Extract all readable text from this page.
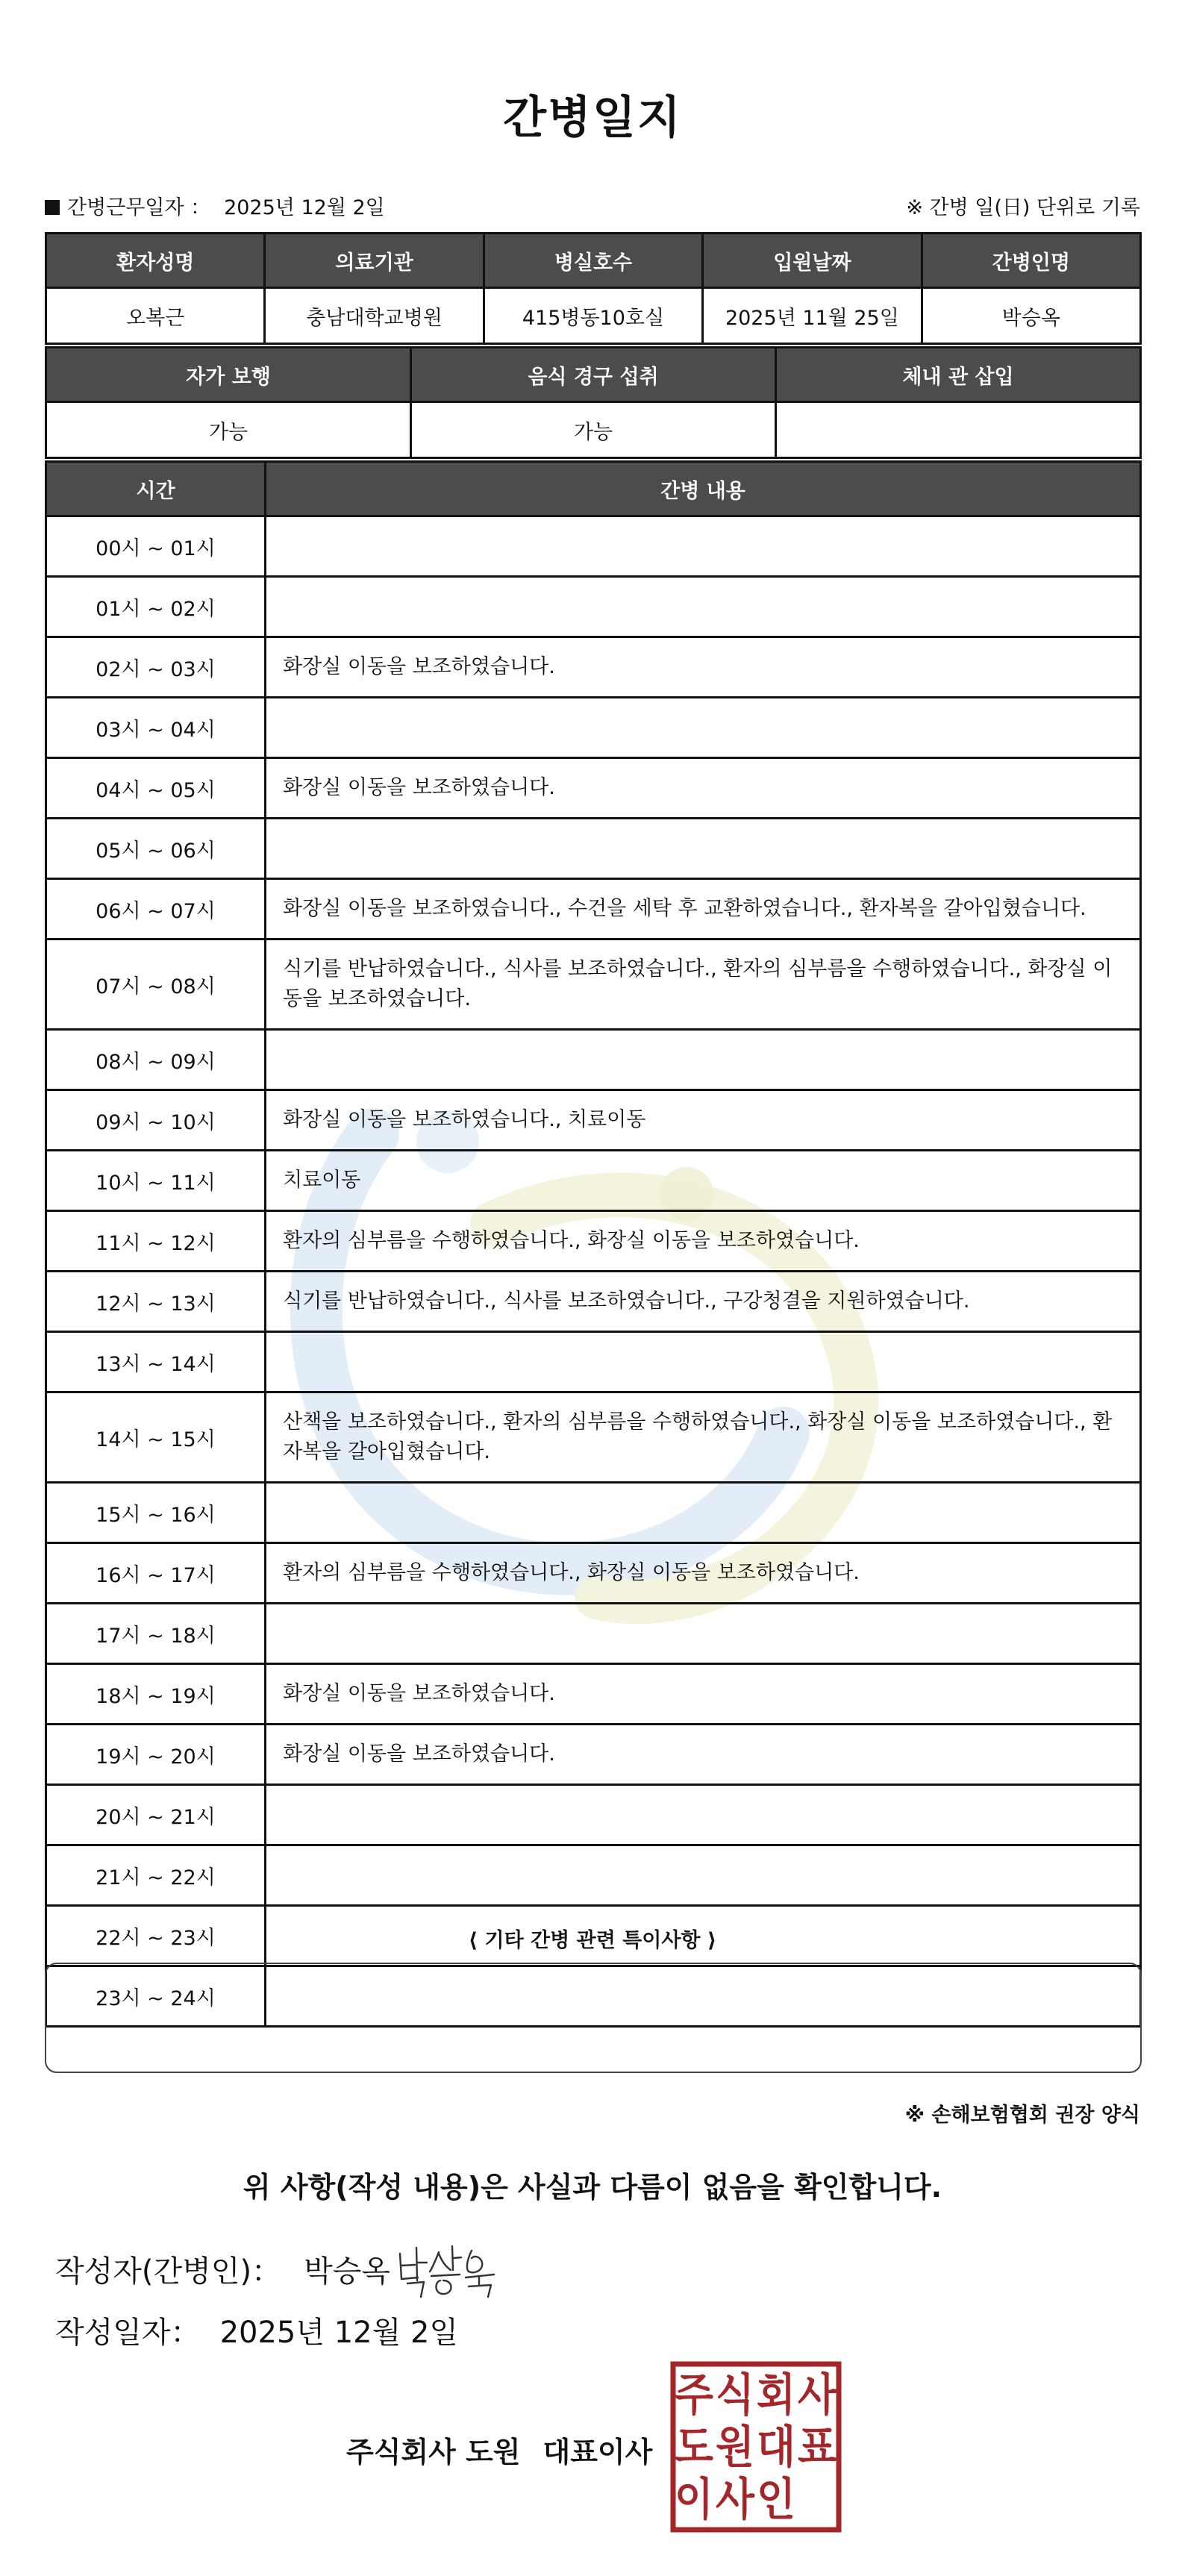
간병일지
간병근무일자 ： 2025년 12월 2일	※ 간병 일(日) 단위로 기록
환자성명	의료기관	병실호수	입원날짜	간병인명
오복근	충남대학교병원	415병동10호실	2025년 11월 25일	박승옥
자가 보행	음식 경구 섭취	체내 관 삽입
가능	가능	
시간	간병 내용
00시 ~ 01시	
01시 ~ 02시	
02시 ~ 03시	화장실 이동을 보조하였습니다.
03시 ~ 04시	
04시 ~ 05시	화장실 이동을 보조하였습니다.
05시 ~ 06시	
06시 ~ 07시	화장실 이동을 보조하였습니다., 수건을 세탁 후 교환하였습니다., 환자복을 갈아입혔습니다.
07시 ~ 08시	식기를 반납하였습니다., 식사를 보조하였습니다., 환자의 심부름을 수행하였습니다., 화장실 이동을 보조하였습니다.
08시 ~ 09시	
09시 ~ 10시	화장실 이동을 보조하였습니다., 치료이동
10시 ~ 11시	치료이동
11시 ~ 12시	환자의 심부름을 수행하였습니다., 화장실 이동을 보조하였습니다.
12시 ~ 13시	식기를 반납하였습니다., 식사를 보조하였습니다., 구강청결을 지원하였습니다.
13시 ~ 14시	
14시 ~ 15시	산책을 보조하였습니다., 환자의 심부름을 수행하였습니다., 화장실 이동을 보조하였습니다., 환자복을 갈아입혔습니다.
15시 ~ 16시	
16시 ~ 17시	환자의 심부름을 수행하였습니다., 화장실 이동을 보조하였습니다.
17시 ~ 18시	
18시 ~ 19시	화장실 이동을 보조하였습니다.
19시 ~ 20시	화장실 이동을 보조하였습니다.
20시 ~ 21시	
21시 ~ 22시	
22시 ~ 23시	
23시 ~ 24시	
⟨ 기타 간병 관련 특이사항 ⟩
※ 손해보험협회 권장 양식
위 사항(작성 내용)은 사실과 다름이 없음을 확인합니다.
작성자(간병인)： 박승옥
작성일자： 2025년 12월 2일
주식회사 도원 대표이사
주 식 회 사
도 원 대 표
이 사 인
